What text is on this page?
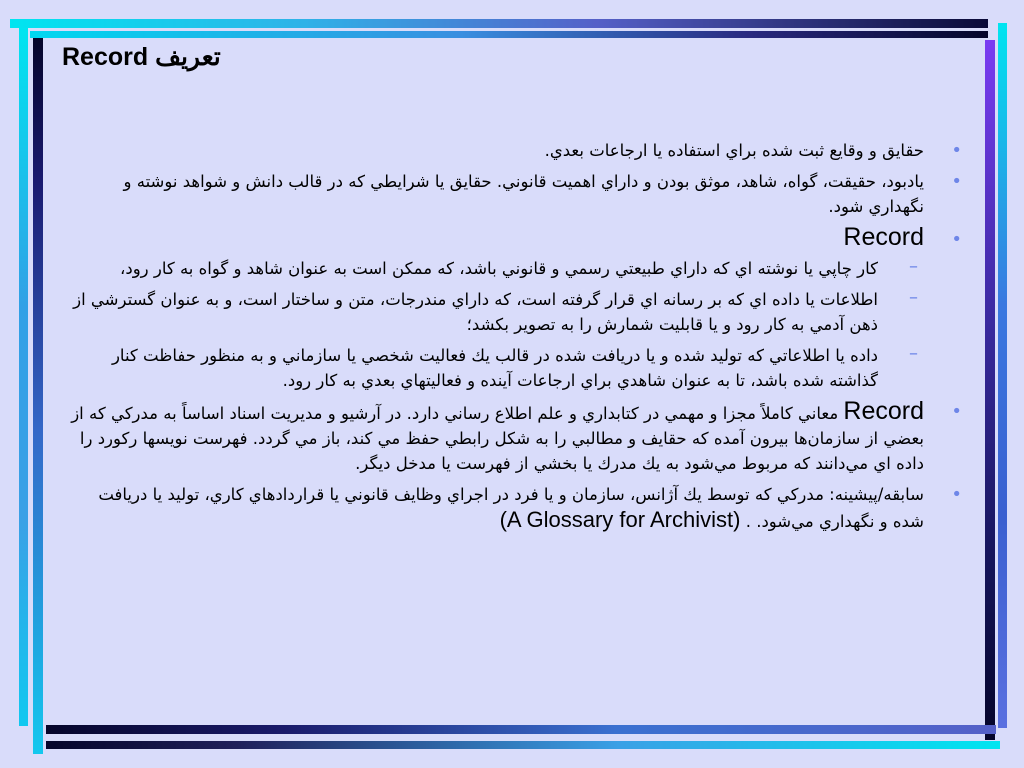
تعريف Record
•
حقايق و وقايع ثبت شده براي استفاده يا ارجاعات بعدي.
•
يادبود، حقيقت، گواه، شاهد، موثق بودن و داراي اهميت قانوني. حقايق يا شرايطي كه در قالب دانش و شواهد نوشته و نگهداري شود.
•
Record
–
كار چاپي يا نوشته اي كه داراي طبيعتي رسمي و قانوني باشد، كه ممكن است به عنوان شاهد و گواه به كار رود،
–
اطلاعات يا داده اي كه بر رسانه اي قرار گرفته است، كه داراي مندرجات، متن و ساختار است، و به عنوان گسترشي از ذهن آدمي به كار رود و يا قابليت شمارش را به تصوير بكشد؛
–
داده يا اطلاعاتي كه توليد شده و يا دريافت شده در قالب يك فعاليت شخصي يا سازماني و به منظور حفاظت كنار گذاشته شده باشد، تا به عنوان شاهدي براي ارجاعات آينده و فعاليتهاي بعدي به كار رود.
•
Record معاني كاملاً مجزا و مهمي در كتابداري و علم اطلاع رساني دارد. در آرشيو و مديريت اسناد اساساً به مدركي كه از بعضي از سازمان‌ها بيرون آمده كه حقايف و مطالبي را به شكل رابطي حفظ مي كند، باز مي گردد. فهرست نويسها ركورد را داده اي مي‌دانند كه مربوط مي‌شود به يك مدرك يا بخشي از فهرست يا مدخل ديگر.
•
سابقه/پيشينه: مدركي كه توسط يك آژانس، سازمان و يا فرد در اجراي وظايف قانوني يا قراردادهاي كاري، توليد يا دريافت شده و نگهداري مي‌شود. . (A Glossary for Archivist)
